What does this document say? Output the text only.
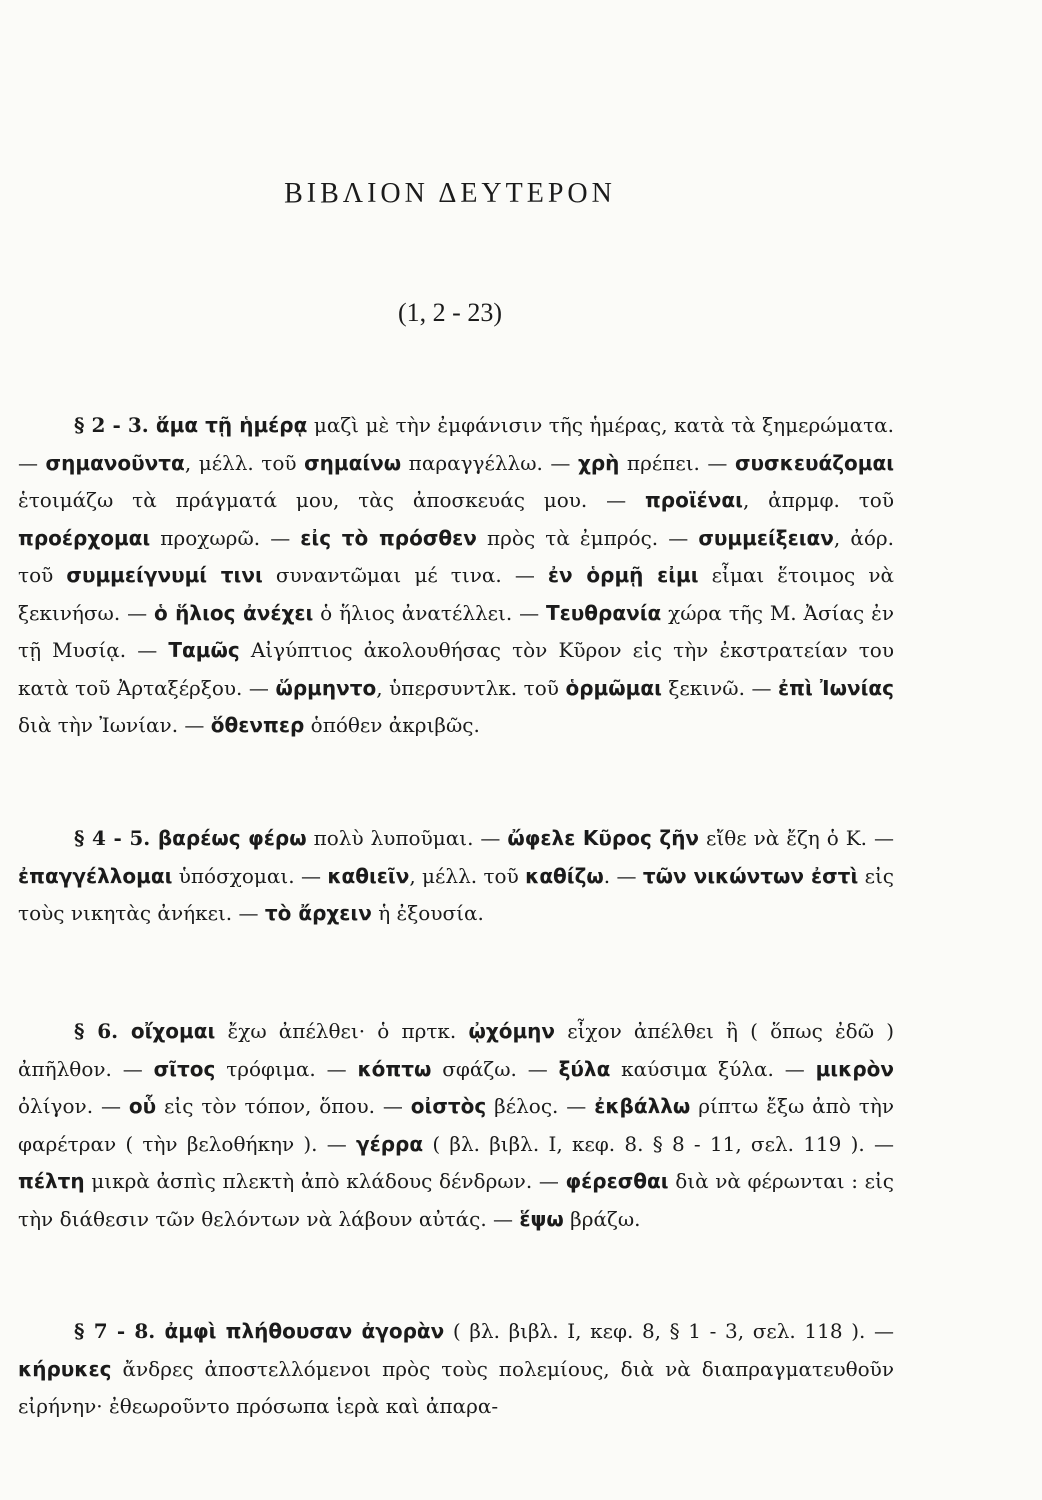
ΒΙΒΛΙΟΝ ΔΕΥΤΕΡΟΝ
(1, 2 - 23)
§ 2 - 3. ἅμα τῇ ἡμέρᾳ μαζὶ μὲ τὴν ἐμφάνισιν τῆς ἡμέρας, κατὰ τὰ ξημερώματα. — σημανοῦντα, μέλλ. τοῦ σημαίνω παραγγέλλω. — χρὴ πρέπει. — συσκευάζομαι ἑτοιμάζω τὰ πράγματά μου, τὰς ἀποσκευάς μου. — προϊέναι, ἀπρμφ. τοῦ προέρχομαι προχωρῶ. — εἰς τὸ πρόσθεν πρὸς τὰ ἐμπρός. — συμμείξειαν, ἀόρ. τοῦ συμμείγνυμί τινι συναντῶμαι μέ τινα. — ἐν ὁρμῇ εἰμι εἶμαι ἕτοιμος νὰ ξεκινήσω. — ὁ ἥλιος ἀνέχει ὁ ἥλιος ἀνατέλλει. — Τευθρανία χώρα τῆς Μ. Ἀσίας ἐν τῇ Μυσίᾳ. — Ταμῶς Αἰγύπτιος ἀκολουθήσας τὸν Κῦρον εἰς τὴν ἐκστρατείαν του κατὰ τοῦ Ἀρταξέρξου. — ὥρμηντο, ὑπερσυντλκ. τοῦ ὁρμῶμαι ξεκινῶ. — ἐπὶ Ἰωνίας διὰ τὴν Ἰωνίαν. — ὅθενπερ ὁπόθεν ἀκριβῶς.
§ 4 - 5. βαρέως φέρω πολὺ λυποῦμαι. — ὤφελε Κῦρος ζῆν εἴθε νὰ ἔζη ὁ Κ. — ἐπαγγέλλομαι ὑπόσχομαι. — καθιεῖν, μέλλ. τοῦ καθίζω. — τῶν νικώντων ἐστὶ εἰς τοὺς νικητὰς ἀνήκει. — τὸ ἄρχειν ἡ ἐξουσία.
§ 6. οἴχομαι ἔχω ἀπέλθει· ὁ πρτκ. ᾠχόμην εἶχον ἀπέλθει ἢ ( ὅπως ἐδῶ ) ἀπῆλθον. — σῖτος τρόφιμα. — κόπτω σφάζω. — ξύλα καύσιμα ξύλα. — μικρὸν ὀλίγον. — οὗ εἰς τὸν τόπον, ὅπου. — οἰστὸς βέλος. — ἐκβάλλω ρίπτω ἔξω ἀπὸ τὴν φαρέτραν ( τὴν βελοθήκην ). — γέρρα ( βλ. βιβλ. I, κεφ. 8. § 8 - 11, σελ. 119 ). — πέλτη μικρὰ ἀσπὶς πλεκτὴ ἀπὸ κλάδους δένδρων. — φέρεσθαι διὰ νὰ φέρωνται : εἰς τὴν διάθεσιν τῶν θελόντων νὰ λάβουν αὐτάς. — ἕψω βράζω.
§ 7 - 8. ἀμφὶ πλήθουσαν ἀγορὰν ( βλ. βιβλ. I, κεφ. 8, § 1 - 3, σελ. 118 ). — κήρυκες ἄνδρες ἀποστελλόμενοι πρὸς τοὺς πολεμίους, διὰ νὰ διαπραγματευθοῦν εἰρήνην· ἐθεωροῦντο πρόσωπα ἱερὰ καὶ ἀπαρα-
